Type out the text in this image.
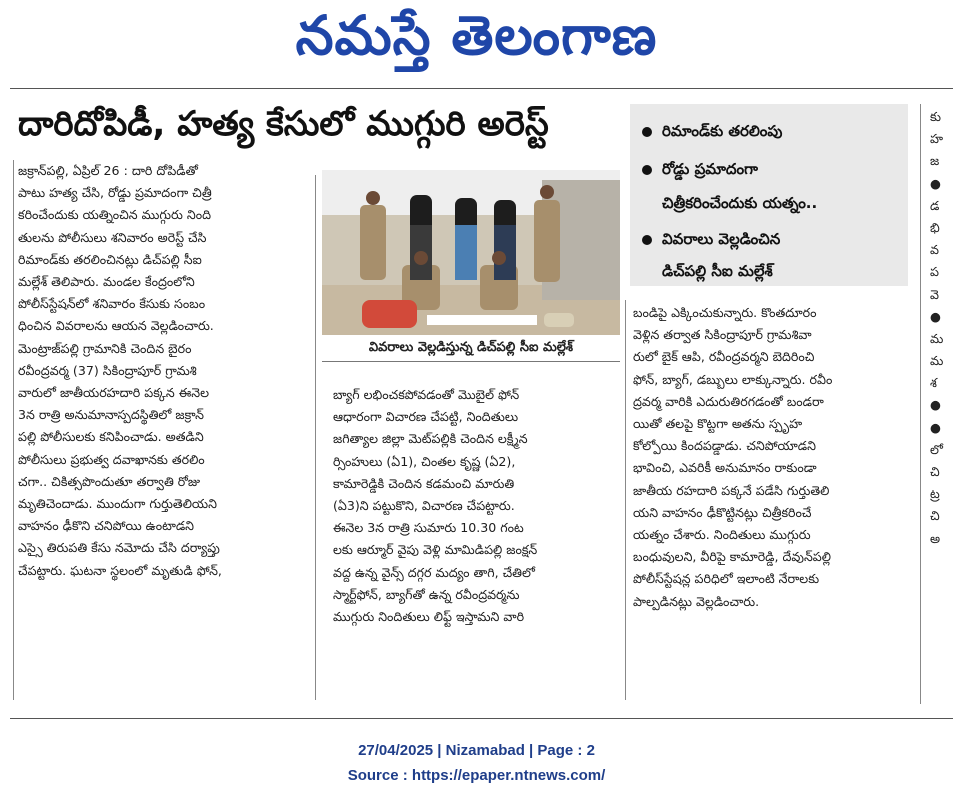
నమస్తే తెలంగాణ
దారిదోపిడీ, హత్య కేసులో ముగ్గురి అరెస్ట్
జక్రాన్‌పల్లి, ఏప్రిల్ 26 : దారి దోపిడీతో
పాటు హత్య చేసి, రోడ్డు ప్రమాదంగా చిత్రీ
కరించేందుకు యత్నించిన ముగ్గురు నింది
తులను పోలీసులు శనివారం అరెస్ట్ చేసి
రిమాండ్‌కు తరలించినట్లు డిచ్‌పల్లి సీఐ
మల్లేశ్ తెలిపారు. మండల కేంద్రంలోని
పోలీస్‌స్టేషన్‌లో శనివారం కేసుకు సంబం
ధించిన వివరాలను ఆయన వెల్లడించారు.
మెంట్రాజ్‌పల్లి గ్రామానికి చెందిన బైరం
రవీంద్రవర్మ (37) సికింద్రాపూర్ గ్రామశి
వారులో జాతీయరహదారి పక్కన ఈనెల
3న రాత్రి అనుమానాస్పదస్థితిలో జక్రాన్
పల్లి పోలీసులకు కనిపించాడు. అతడిని
పోలీసులు ప్రభుత్వ దవాఖానకు తరలిం
చగా.. చికిత్సపొందుతూ తర్వాతి రోజు
మృతిచెందాడు. ముందుగా గుర్తుతెలియని
వాహనం ఢీకొని చనిపోయి ఉంటాడని
ఎస్సై తిరుపతి కేసు నమోదు చేసి దర్యాప్తు
చేపట్టారు. ఘటనా స్థలంలో మృతుడి ఫోన్,
వివరాలు వెల్లడిస్తున్న డిచ్‌పల్లి సీఐ మల్లేశ్
బ్యాగ్ లభించకపోవడంతో మొబైల్ ఫోన్
ఆధారంగా విచారణ చేపట్టి, నిందితులు
జగిత్యాల జిల్లా మెట్‌పల్లికి చెందిన లక్ష్మీన
ర్సింహులు (ఏ1), చింతల కృష్ణ (ఏ2),
కామారెడ్డికి చెందిన కడమంచి మారుతి
(ఏ3)ని పట్టుకొని, విచారణ చేపట్టారు.
ఈనెల 3న రాత్రి సుమారు 10.30 గంట
లకు ఆర్మూర్ వైపు వెళ్లి మామిడిపల్లి జంక్షన్
వద్ద ఉన్న వైన్స్ దగ్గర మద్యం తాగి, చేతిలో
స్మార్ట్‌ఫోన్, బ్యాగ్‌తో ఉన్న రవీంద్రవర్మను
ముగ్గురు నిందితులు లిఫ్ట్ ఇస్తామని వారి
రిమాండ్‌కు తరలింపు
రోడ్డు ప్రమాదంగా
చిత్రీకరించేందుకు యత్నం..
వివరాలు వెల్లడించిన
డిచ్‌పల్లి సీఐ మల్లేశ్
బండిపై ఎక్కించుకున్నారు. కొంతదూరం
వెళ్లిన తర్వాత సికింద్రాపూర్ గ్రామశివా
రులో బైక్ ఆపి, రవీంద్రవర్మని బెదిరించి
ఫోన్, బ్యాగ్, డబ్బులు లాక్కున్నారు. రవీం
ద్రవర్మ వారికి ఎదురుతిరగడంతో బండరా
యితో తలపై కొట్టగా అతను స్పృహ
కోల్పోయి కిందపడ్డాడు. చనిపోయాడని
భావించి, ఎవరికీ అనుమానం రాకుండా
జాతీయ రహదారి పక్కనే పడేసి గుర్తుతెలి
యని వాహనం ఢీకొట్టినట్లు చిత్రీకరించే
యత్నం చేశారు. నిందితులు ముగ్గురు
బంధువులని, వీరిపై కామారెడ్డి, దేవున్‌పల్లి
పోలీస్‌స్టేషన్ల పరిధిలో ఇలాంటి నేరాలకు
పాల్పడినట్లు వెల్లడించారు.
కు
హ
జ
●
డ
భి
వ
ప
వె
●
మ
మ
శ
●
●
లో
చి
ట్ర
చి
అ
27/04/2025 | Nizamabad | Page : 2
Source : https://epaper.ntnews.com/
